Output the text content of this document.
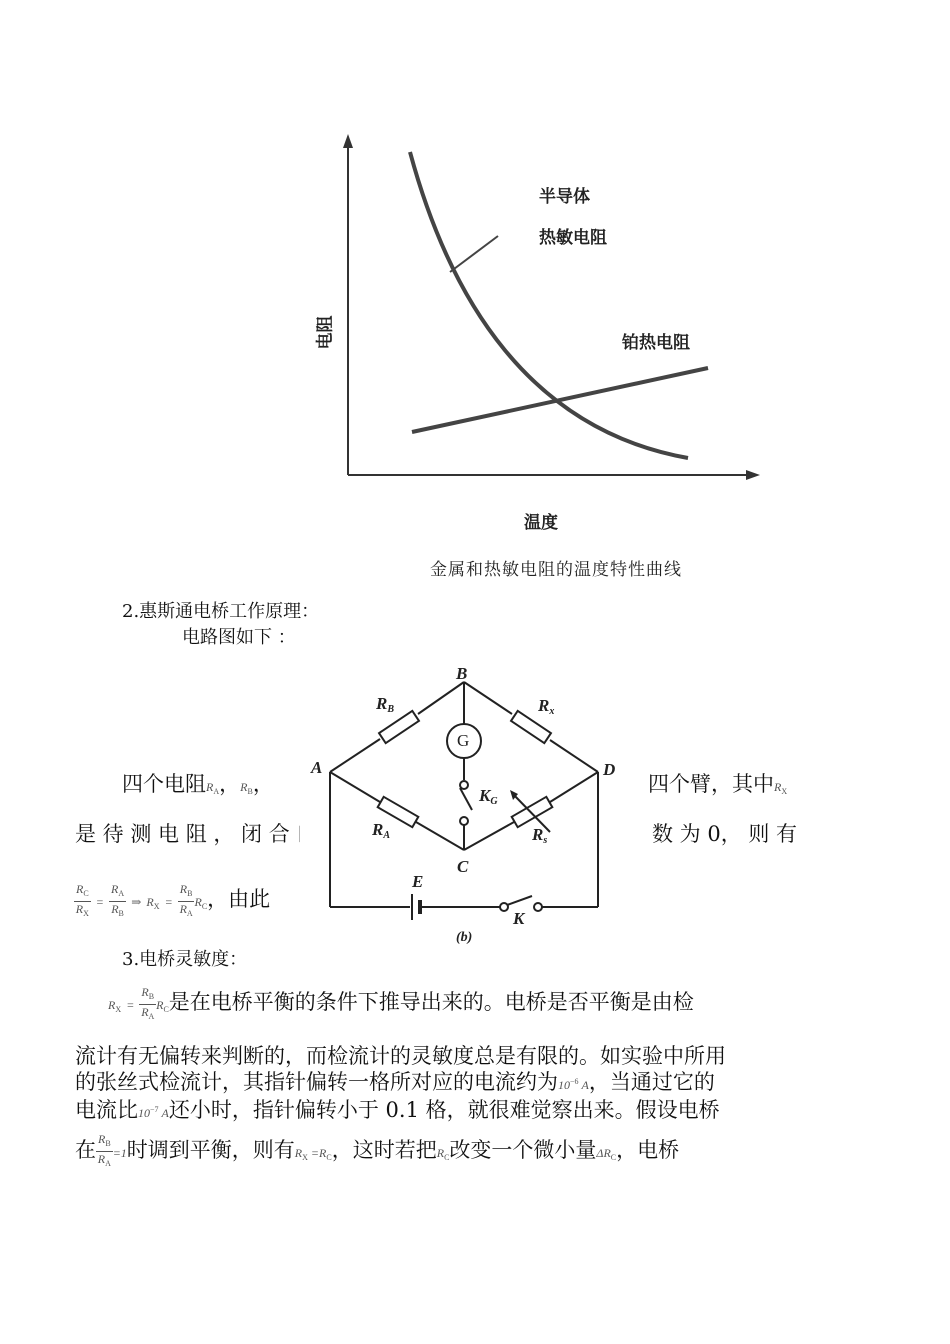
半导体
热敏电阻
铂热电阻
电阻
温度
金属和热敏电阻的温度特性曲线
2.惠斯通电桥工作原理：
电路图如下 ：
四个电阻$R_A$，$R_B$，	四个臂，其中$R_X$
是 待 测 电 阻 ， 闭 合 口	数 为 0， 则 有
$\frac{R_C}{R_X} = \frac{R_A}{R_B}$ ⇒ $R_X = \frac{R_B}{R_A} R_C$，由此
B
A	D
C
RB	Rx
RA	Rs
G
KG
E
K
(b)
3.电桥灵敏度：
$R_X = \frac{R_B}{R_A} R_C$是在电桥平衡的条件下推导出来的。电桥是否平衡是由检
流计有无偏转来判断的，而检流计的灵敏度总是有限的。如实验中所用
的张丝式检流计，其指针偏转一格所对应的电流约为$10^{-6}$ A，当通过它的
电流比$10^{-7}$ A还小时，指针偏转小于 0.1 格，就很难觉察出来。假设电桥
在 $\frac{R_B}{R_A} =1$时调到平衡，则有$R_X =R_C$，这时若把$R_C$改变一个微小量$\Delta R_C$，电桥
